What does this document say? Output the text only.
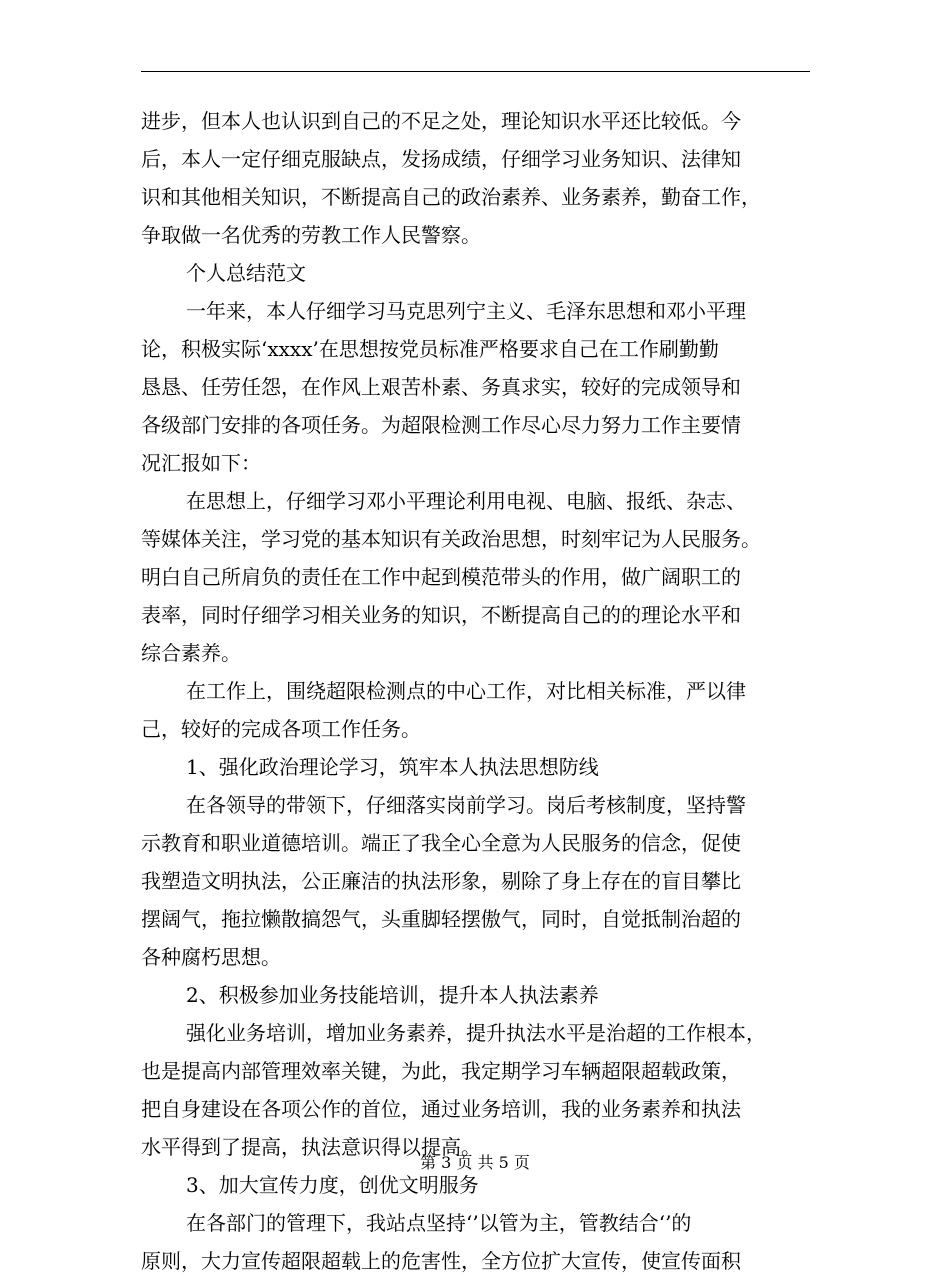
进步，但本人也认识到自己的不足之处，理论知识水平还比较低。今
后，本人一定仔细克服缺点，发扬成绩，仔细学习业务知识、法律知
识和其他相关知识，不断提高自己的政治素养、业务素养，勤奋工作，
争取做一名优秀的劳教工作人民警察。
个人总结范文
一年来，本人仔细学习马克思列宁主义、毛泽东思想和邓小平理
论，积极实际‘xxxx’在思想按党员标准严格要求自己在工作刷勤勤
恳恳、任劳任怨，在作风上艰苦朴素、务真求实，较好的完成领导和
各级部门安排的各项任务。为超限检测工作尽心尽力努力工作主要情
况汇报如下：
在思想上，仔细学习邓小平理论利用电视、电脑、报纸、杂志、
等媒体关注，学习党的基本知识有关政治思想，时刻牢记为人民服务。
明白自己所肩负的责任在工作中起到模范带头的作用，做广阔职工的
表率，同时仔细学习相关业务的知识，不断提高自己的的理论水平和
综合素养。
在工作上，围绕超限检测点的中心工作，对比相关标准，严以律
己，较好的完成各项工作任务。
1、强化政治理论学习，筑牢本人执法思想防线
在各领导的带领下，仔细落实岗前学习。岗后考核制度，坚持警
示教育和职业道德培训。端正了我全心全意为人民服务的信念，促使
我塑造文明执法，公正廉洁的执法形象，剔除了身上存在的盲目攀比
摆阔气，拖拉懒散搞怨气，头重脚轻摆傲气，同时，自觉抵制治超的
各种腐朽思想。
2、积极参加业务技能培训，提升本人执法素养
强化业务培训，增加业务素养，提升执法水平是治超的工作根本，
也是提高内部管理效率关键，为此，我定期学习车辆超限超载政策，
把自身建设在各项公作的首位，通过业务培训，我的业务素养和执法
水平得到了提高，执法意识得以提高。
3、加大宣传力度，创优文明服务
在各部门的管理下，我站点坚持‘’以管为主，管教结合‘’的
原则，大力宣传超限超载上的危害性，全方位扩大宣传，使宣传面积
第 3 页 共 5 页
